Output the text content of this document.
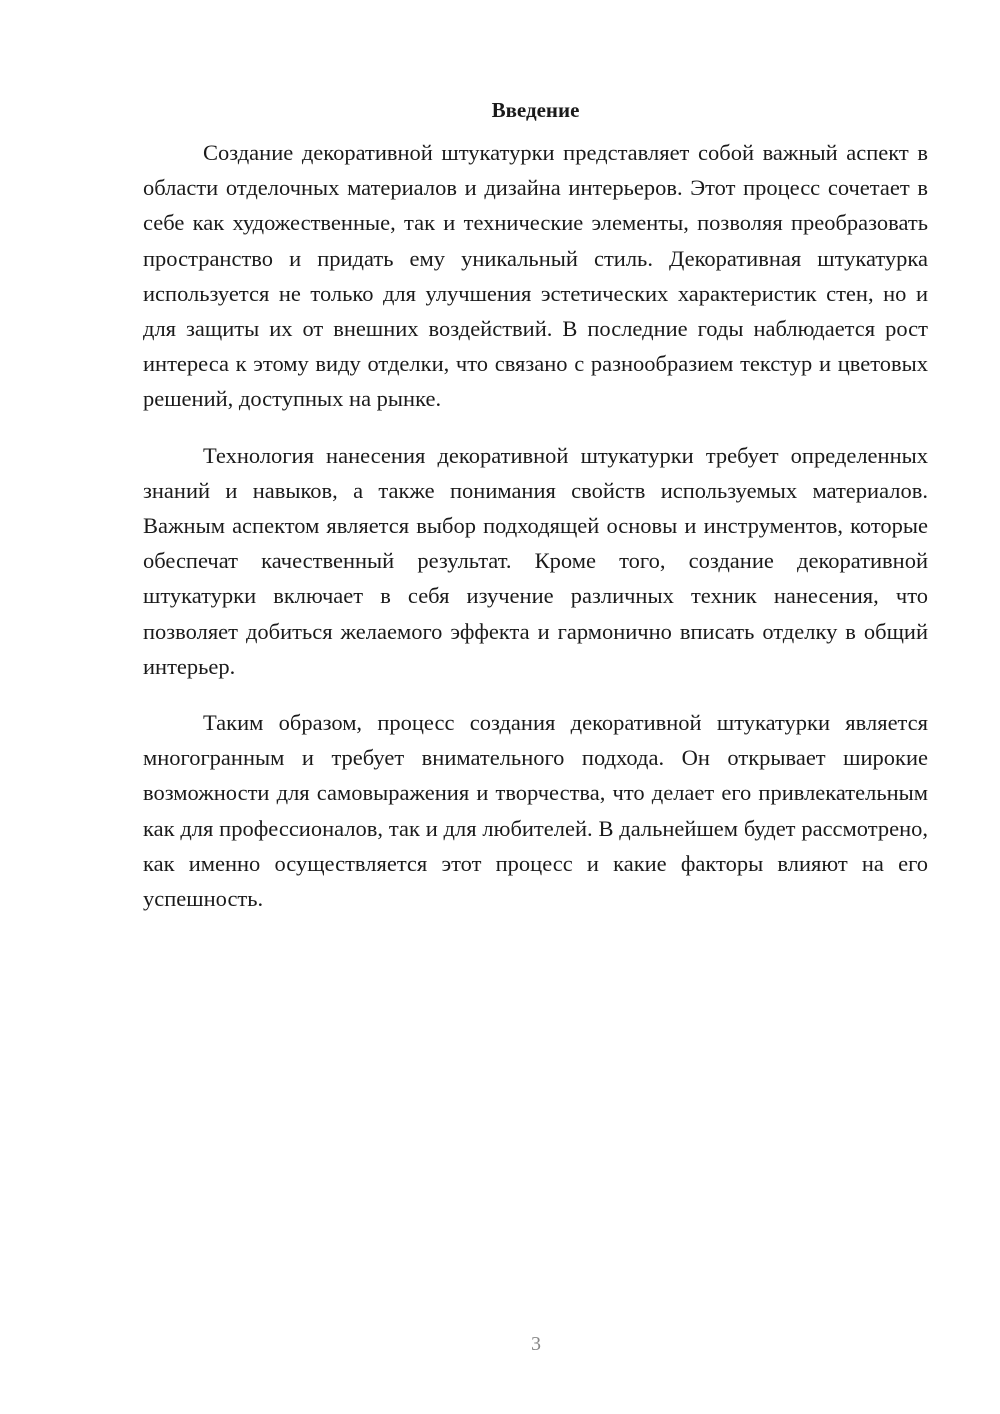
Введение

Создание декоративной штукатурки представляет собой важный аспект в области отделочных материалов и дизайна интерьеров. Этот процесс сочетает в себе как художественные, так и технические элементы, позволяя преобразовать пространство и придать ему уникальный стиль. Декоративная штукатурка используется не только для улучшения эстетических характеристик стен, но и для защиты их от внешних воздействий. В последние годы наблюдается рост интереса к этому виду отделки, что связано с разнообразием текстур и цветовых решений, доступных на рынке.

Технология нанесения декоративной штукатурки требует определенных знаний и навыков, а также понимания свойств используемых материалов. Важным аспектом является выбор подходящей основы и инструментов, которые обеспечат качественный результат. Кроме того, создание декоративной штукатурки включает в себя изучение различных техник нанесения, что позволяет добиться желаемого эффекта и гармонично вписать отделку в общий интерьер.

Таким образом, процесс создания декоративной штукатурки является многогранным и требует внимательного подхода. Он открывает широкие возможности для самовыражения и творчества, что делает его привлекательным как для профессионалов, так и для любителей. В дальнейшем будет рассмотрено, как именно осуществляется этот процесс и какие факторы влияют на его успешность.

3
